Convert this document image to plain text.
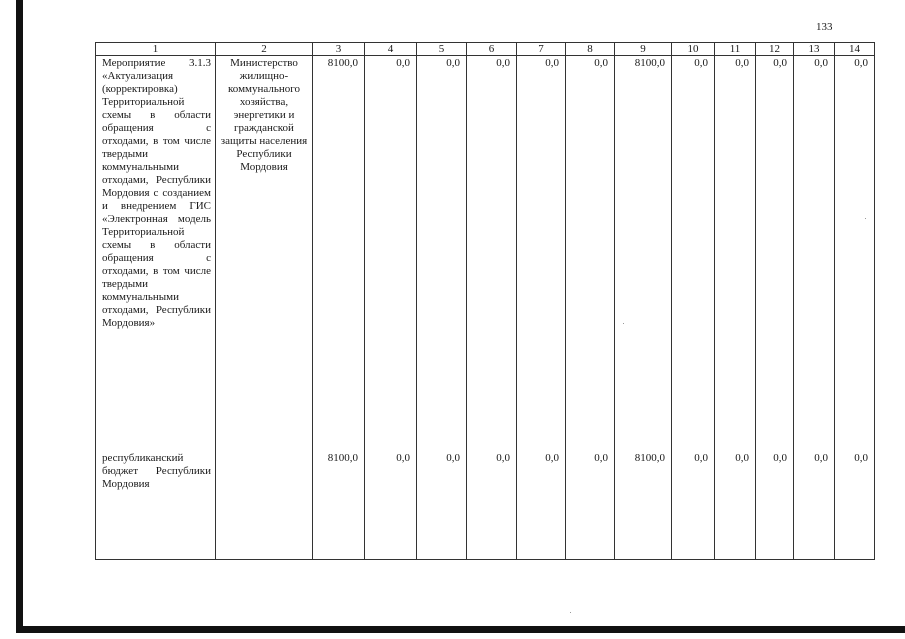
133
1	2	3	4	5	6	7	8	9	10	11	12	13	14

Мероприятие 3.1.3 «Актуализация (корректировка) Территориальной схемы в области обращения с отходами, в том числе твердыми коммунальными отходами, Республики Мордовия с созданием и внедрением ГИС «Электронная модель Территориальной схемы в области обращения с отходами, в том числе твердыми коммунальными отходами, Республики Мордовия»	Министерство жилищно-коммунального хозяйства, энергетики и гражданской защиты населения Республики Мордовия	8100,0	0,0	0,0	0,0	0,0	0,0	8100,0	0,0	0,0	0,0	0,0	0,0

республиканский бюджет Республики Мордовия		8100,0	0,0	0,0	0,0	0,0	0,0	8100,0	0,0	0,0	0,0	0,0	0,0
